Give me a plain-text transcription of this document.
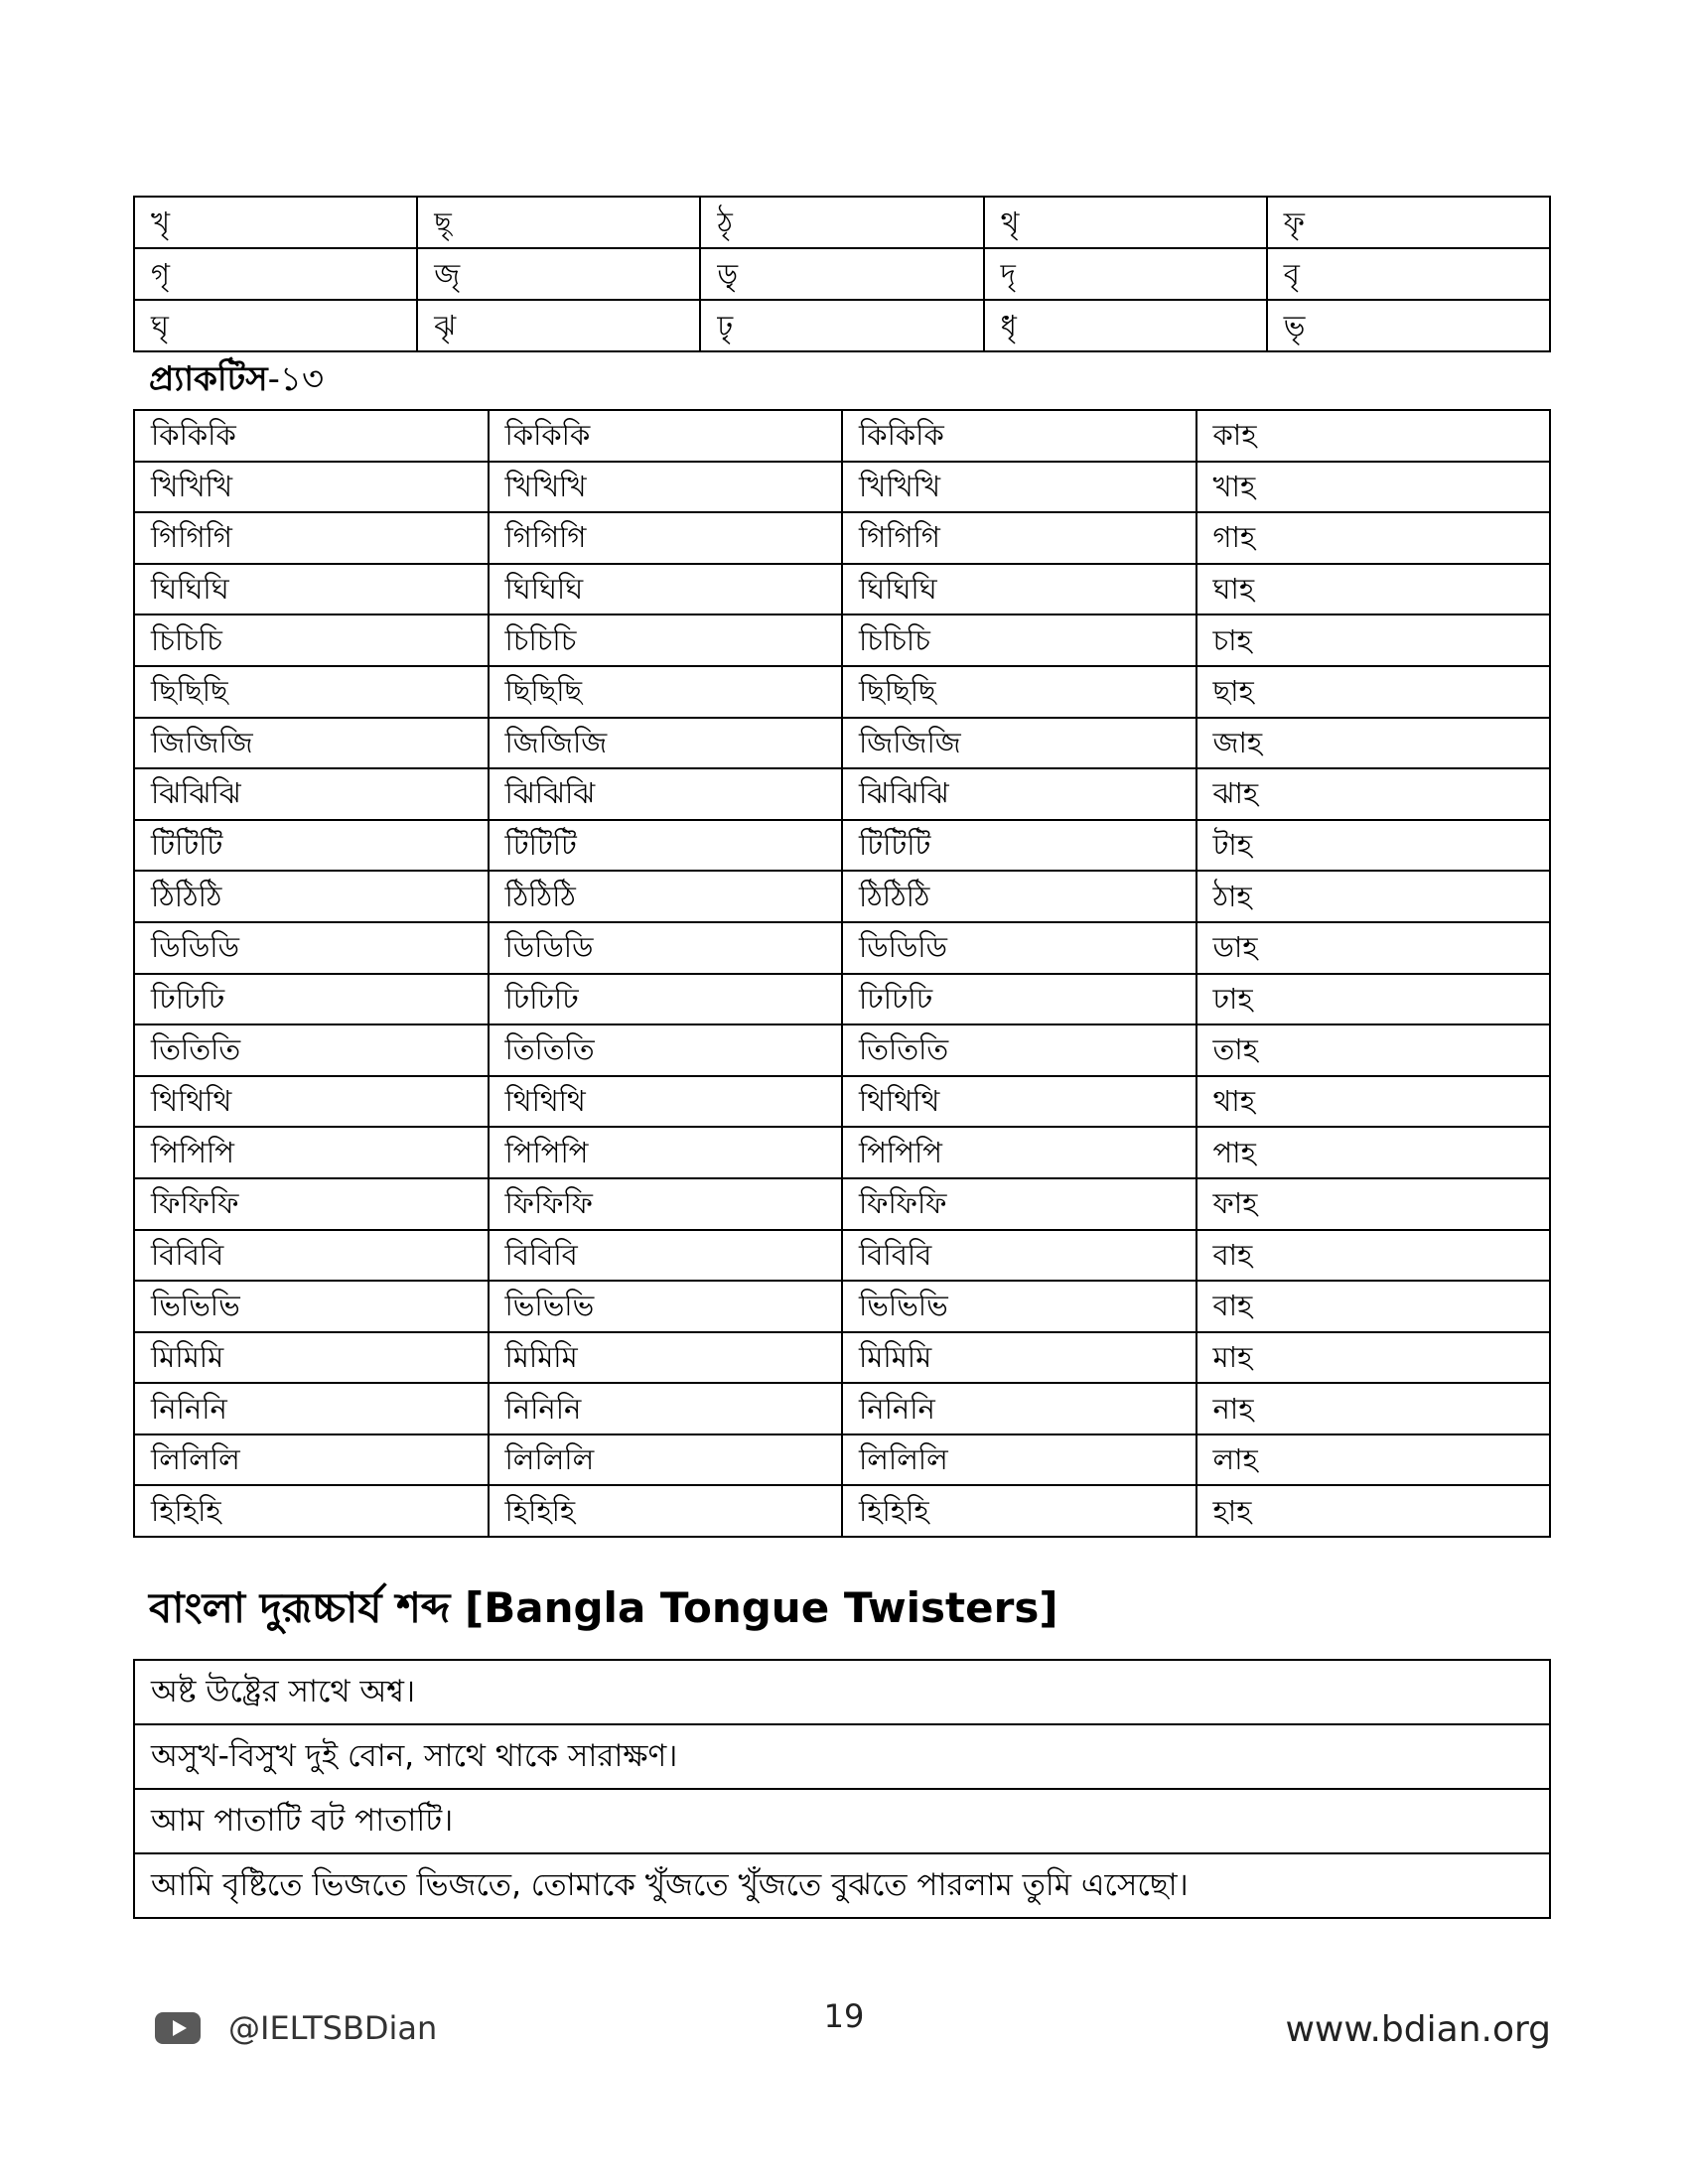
খৃ	ছৃ	ঠৃ	থৃ	ফৃ
গৃ	জৃ	ড়ৃ	দৃ	বৃ
ঘৃ	ঝৃ	ঢ়ৃ	ধৃ	ভৃ
প্র্যাকটিস-১৩
কিকিকি	কিকিকি	কিকিকি	কাহ
খিখিখি	খিখিখি	খিখিখি	খাহ
গিগিগি	গিগিগি	গিগিগি	গাহ
ঘিঘিঘি	ঘিঘিঘি	ঘিঘিঘি	ঘাহ
চিচিচি	চিচিচি	চিচিচি	চাহ
ছিছিছি	ছিছিছি	ছিছিছি	ছাহ
জিজিজি	জিজিজি	জিজিজি	জাহ
ঝিঝিঝি	ঝিঝিঝি	ঝিঝিঝি	ঝাহ
টিটিটি	টিটিটি	টিটিটি	টাহ
ঠিঠিঠি	ঠিঠিঠি	ঠিঠিঠি	ঠাহ
ডিডিডি	ডিডিডি	ডিডিডি	ডাহ
ঢিঢিঢি	ঢিঢিঢি	ঢিঢিঢি	ঢাহ
তিতিতি	তিতিতি	তিতিতি	তাহ
থিথিথি	থিথিথি	থিথিথি	থাহ
পিপিপি	পিপিপি	পিপিপি	পাহ
ফিফিফি	ফিফিফি	ফিফিফি	ফাহ
বিবিবি	বিবিবি	বিবিবি	বাহ
ভিভিভি	ভিভিভি	ভিভিভি	বাহ
মিমিমি	মিমিমি	মিমিমি	মাহ
নিনিনি	নিনিনি	নিনিনি	নাহ
লিলিলি	লিলিলি	লিলিলি	লাহ
হিহিহি	হিহিহি	হিহিহি	হাহ
বাংলা দুরূচ্চার্য শব্দ [Bangla Tongue Twisters]
অষ্ট উষ্ট্রের সাথে অশ্ব।
অসুখ-বিসুখ দুই বোন, সাথে থাকে সারাক্ষণ।
আম পাতাটি বট পাতাটি।
আমি বৃষ্টিতে ভিজতে ভিজতে, তোমাকে খুঁজতে খুঁজতে বুঝতে পারলাম তুমি এসেছো।
@IELTSBDian	19	www.bdian.org
